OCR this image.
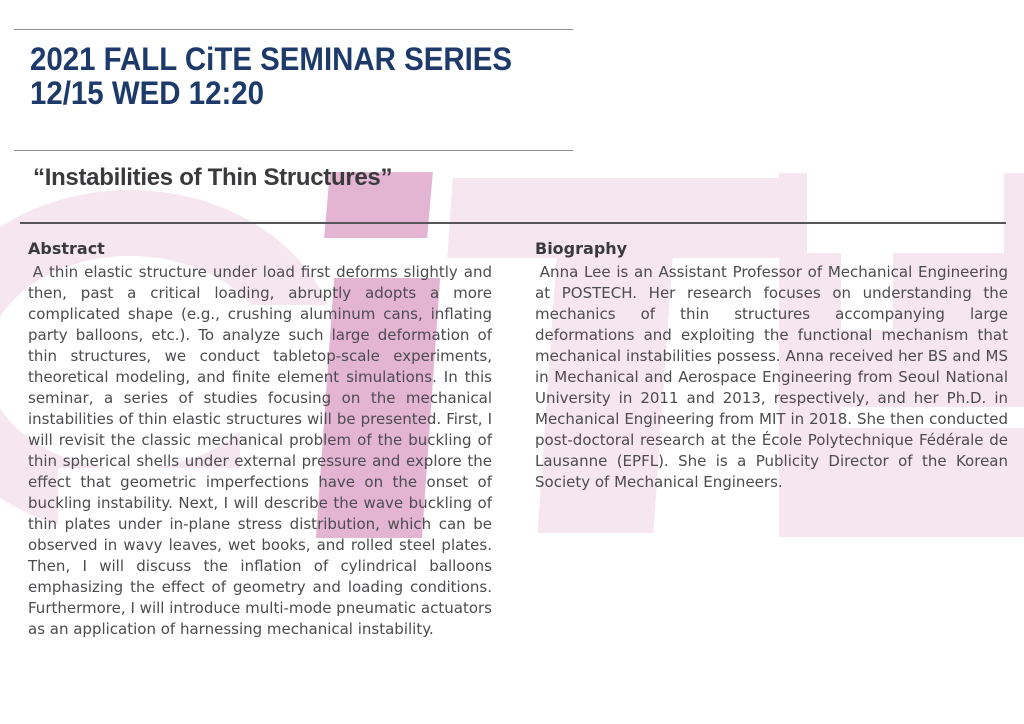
2021 FALL CiTE SEMINAR SERIES
12/15 WED 12:20
“Instabilities of Thin Structures”
Abstract

A thin elastic structure under load first deforms slightly and then, past a critical loading, abruptly adopts a more complicated shape (e.g., crushing aluminum cans, inflating party balloons, etc.). To analyze such large deformation of thin structures, we conduct tabletop-scale experiments, theoretical modeling, and finite element simulations. In this seminar, a series of studies focusing on the mechanical instabilities of thin elastic structures will be presented. First, I will revisit the classic mechanical problem of the buckling of thin spherical shells under external pressure and explore the effect that geometric imperfections have on the onset of buckling instability. Next, I will describe the wave buckling of thin plates under in-plane stress distribution, which can be observed in wavy leaves, wet books, and rolled steel plates. Then, I will discuss the inflation of cylindrical balloons emphasizing the effect of geometry and loading conditions. Furthermore, I will introduce multi-mode pneumatic actuators as an application of harnessing mechanical instability.

Biography

Anna Lee is an Assistant Professor of Mechanical Engineering at POSTECH. Her research focuses on understanding the mechanics of thin structures accompanying large deformations and exploiting the functional mechanism that mechanical instabilities possess. Anna received her BS and MS in Mechanical and Aerospace Engineering from Seoul National University in 2011 and 2013, respectively, and her Ph.D. in Mechanical Engineering from MIT in 2018. She then conducted post-doctoral research at the École Polytechnique Fédérale de Lausanne (EPFL). She is a Publicity Director of the Korean Society of Mechanical Engineers.
